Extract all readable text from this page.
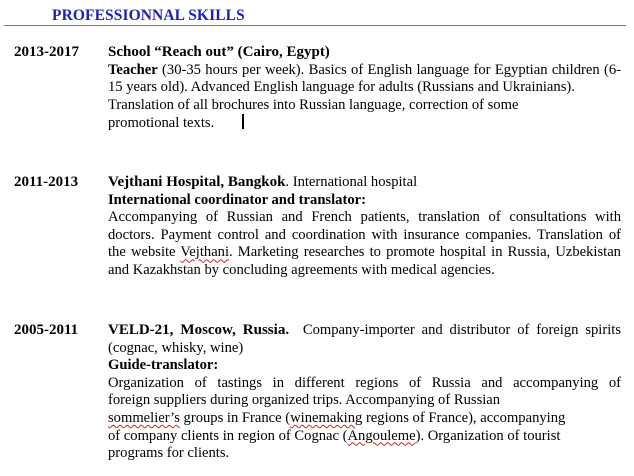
PROFESSIONNAL SKILLS
2013-2017 School “Reach out” (Cairo, Egypt)
Teacher (30-35 hours per week). Basics of English language for Egyptian children (6-15 years old). Advanced English language for adults (Russians and Ukrainians).
Translation of all brochures into Russian language, correction of some
promotional texts.
2011-2013 Vejthani Hospital, Bangkok. International hospital
International coordinator and translator:
Accompanying of Russian and French patients, translation of consultations with doctors. Payment control and coordination with insurance companies. Translation of the website Vejthani. Marketing researches to promote hospital in Russia, Uzbekistan and Kazakhstan by concluding agreements with medical agencies.
2005-2011 VELD-21, Moscow, Russia. Company-importer and distributor of foreign spirits (cognac, whisky, wine)
Guide-translator:
Organization of tastings in different regions of Russia and accompanying of
foreign suppliers during organized trips. Accompanying of Russian
sommelier’s groups in France (winemaking regions of France), accompanying
of company clients in region of Cognac (Angouleme). Organization of tourist
programs for clients.
